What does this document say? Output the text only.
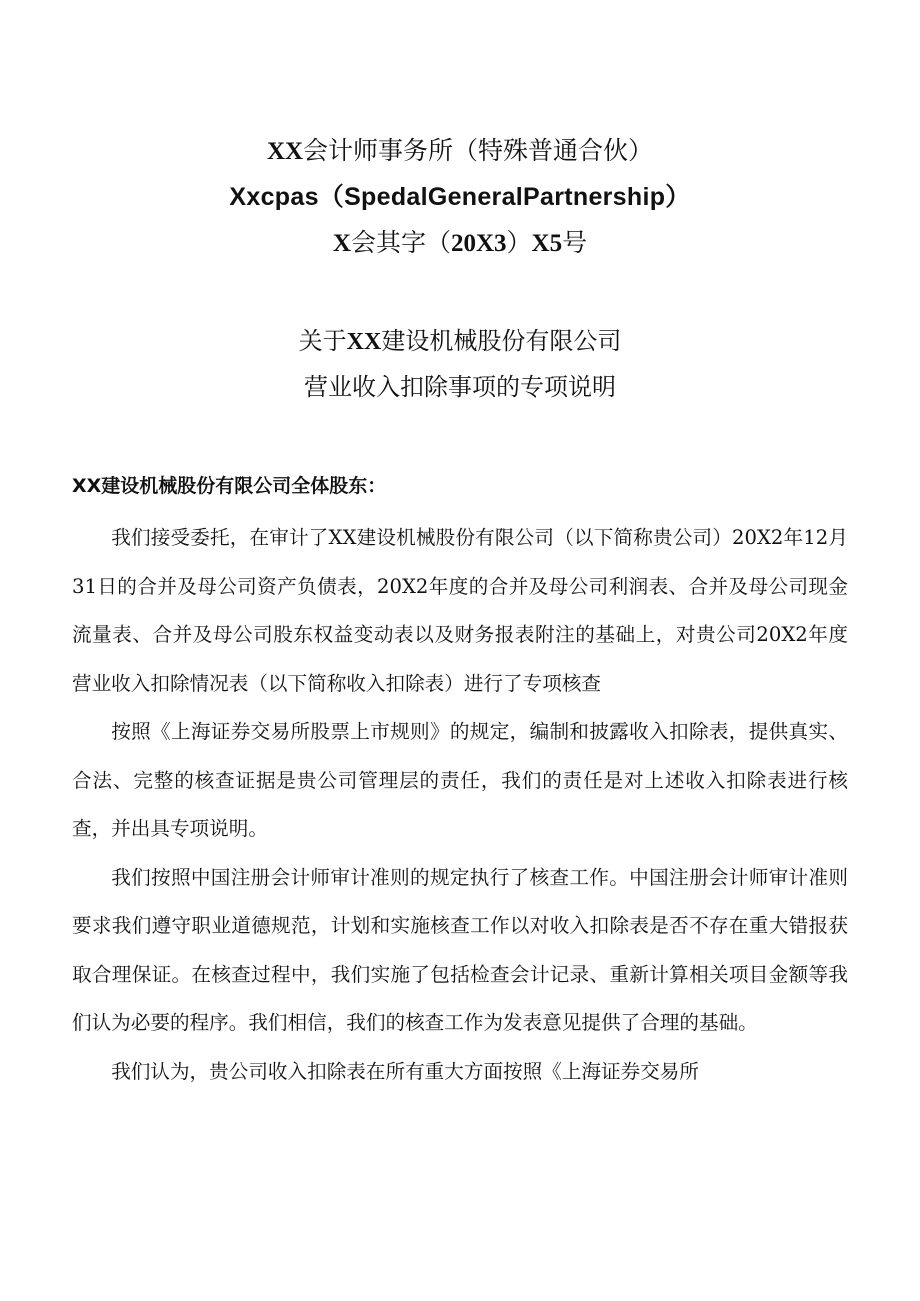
XX会计师事务所（特殊普通合伙）
Xxcpas（SpedalGeneralPartnership）
X会其字（20X3）X5号
关于XX建设机械股份有限公司
营业收入扣除事项的专项说明
XX建设机械股份有限公司全体股东：

我们接受委托，在审计了XX建设机械股份有限公司（以下简称贵公司）20X2年12月31日的合并及母公司资产负债表，20X2年度的合并及母公司利润表、合并及母公司现金流量表、合并及母公司股东权益变动表以及财务报表附注的基础上，对贵公司20X2年度营业收入扣除情况表（以下简称收入扣除表）进行了专项核查

按照《上海证券交易所股票上市规则》的规定，编制和披露收入扣除表，提供真实、合法、完整的核查证据是贵公司管理层的责任，我们的责任是对上述收入扣除表进行核查，并出具专项说明。

我们按照中国注册会计师审计准则的规定执行了核查工作。中国注册会计师审计准则要求我们遵守职业道德规范，计划和实施核查工作以对收入扣除表是否不存在重大错报获取合理保证。在核查过程中，我们实施了包括检查会计记录、重新计算相关项目金额等我们认为必要的程序。我们相信，我们的核查工作为发表意见提供了合理的基础。

我们认为，贵公司收入扣除表在所有重大方面按照《上海证券交易所
